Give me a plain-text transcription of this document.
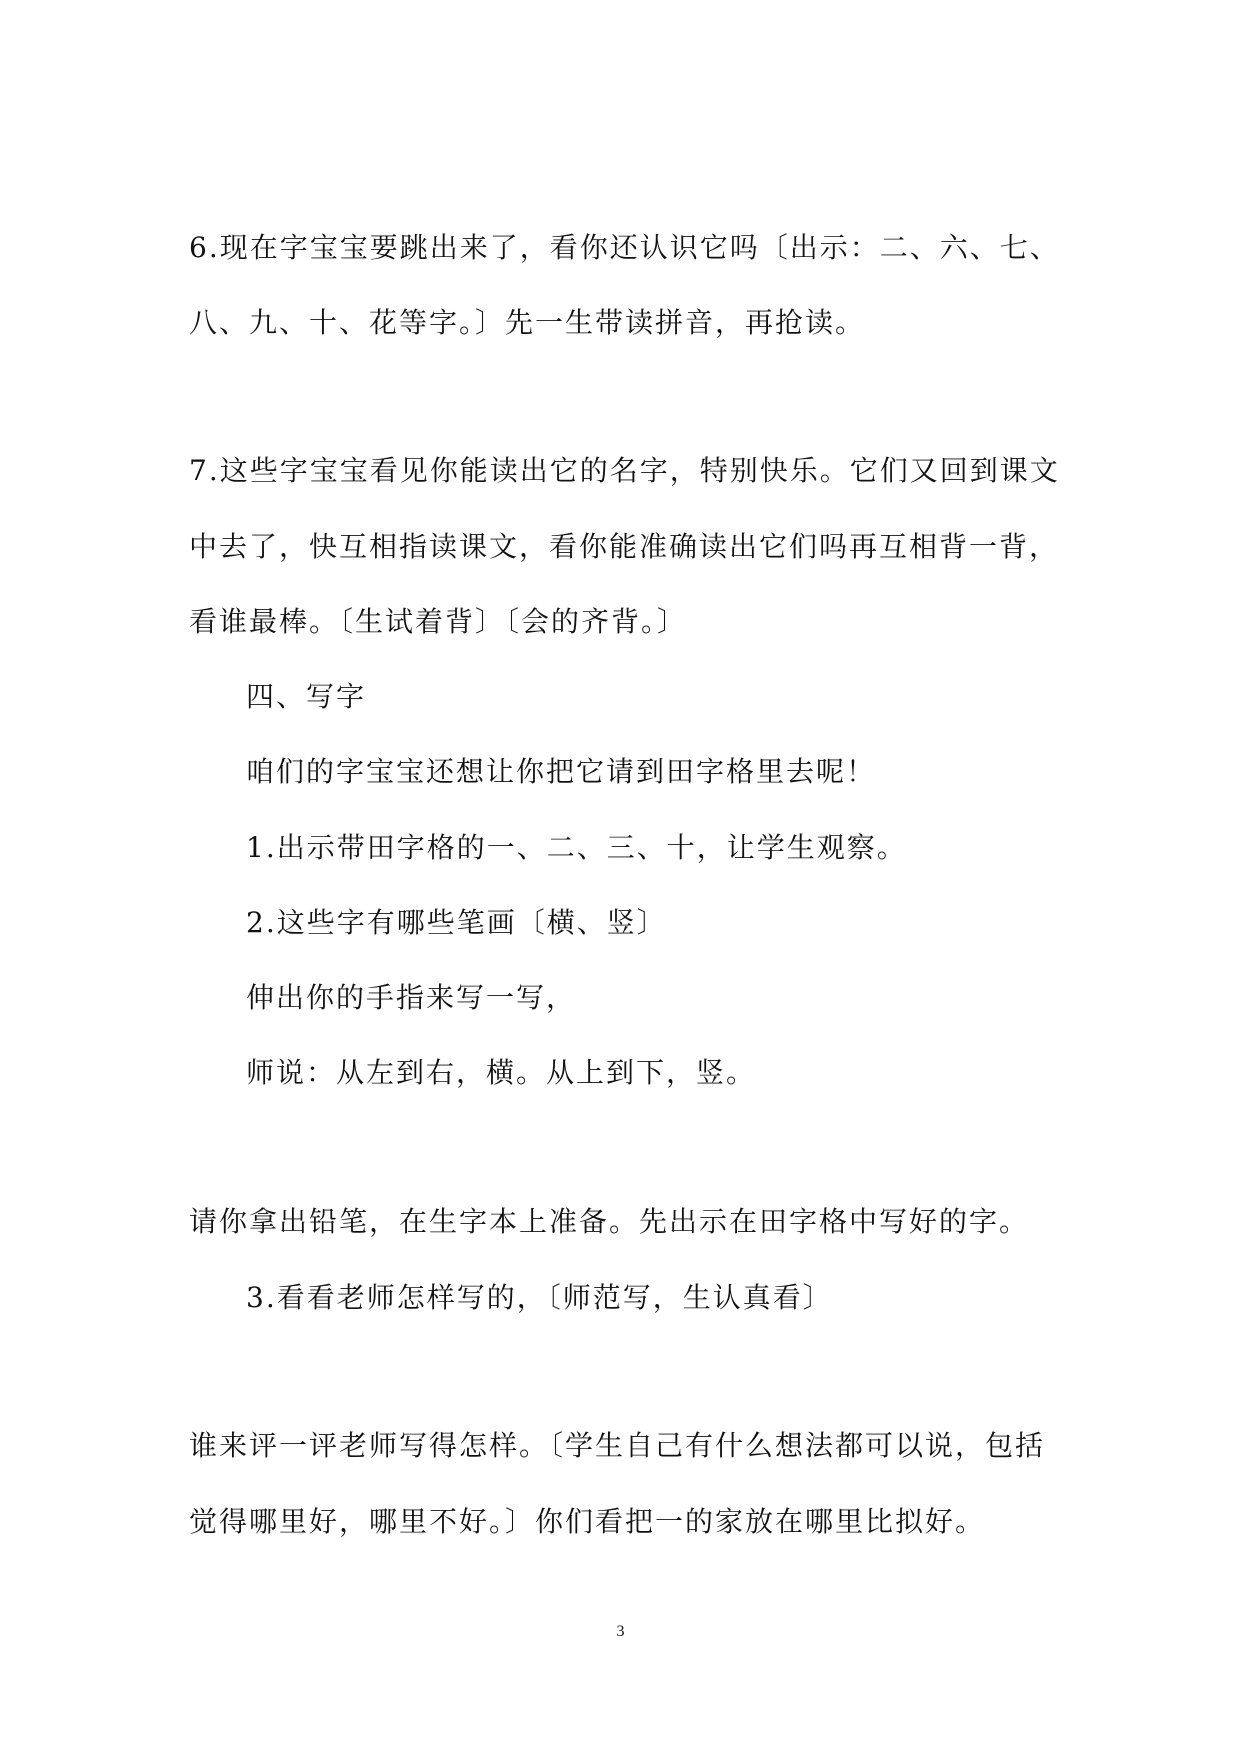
6.现在字宝宝要跳出来了，看你还认识它吗〔出示：二、六、七、
八、九、十、花等字。〕先一生带读拼音，再抢读。
7.这些字宝宝看见你能读出它的名字，特别快乐。它们又回到课文
中去了，快互相指读课文，看你能准确读出它们吗再互相背一背，
看谁最棒。〔生试着背〕〔会的齐背。〕
四、写字
咱们的字宝宝还想让你把它请到田字格里去呢！
1.出示带田字格的一、二、三、十，让学生观察。
2.这些字有哪些笔画〔横、竖〕
伸出你的手指来写一写，
师说：从左到右，横。从上到下，竖。
请你拿出铅笔，在生字本上准备。先出示在田字格中写好的字。
3.看看老师怎样写的，〔师范写，生认真看〕
谁来评一评老师写得怎样。〔学生自己有什么想法都可以说，包括
觉得哪里好，哪里不好。〕你们看把一的家放在哪里比拟好。
3
